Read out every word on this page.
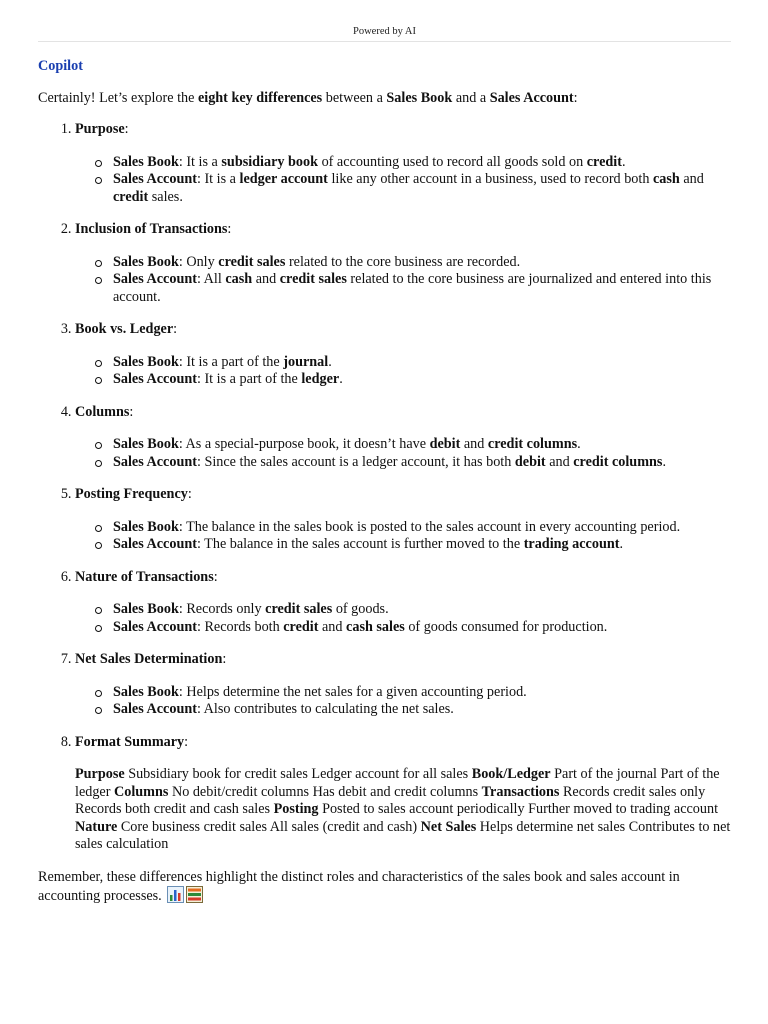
Powered by AI
Copilot

Certainly! Let’s explore the eight key differences between a Sales Book and a Sales Account:

1. Purpose:
Sales Book: It is a subsidiary book of accounting used to record all goods sold on credit.
Sales Account: It is a ledger account like any other account in a business, used to record both cash and credit sales.
2. Inclusion of Transactions:
Sales Book: Only credit sales related to the core business are recorded.
Sales Account: All cash and credit sales related to the core business are journalized and entered into this account.
3. Book vs. Ledger:
Sales Book: It is a part of the journal.
Sales Account: It is a part of the ledger.
4. Columns:
Sales Book: As a special-purpose book, it doesn’t have debit and credit columns.
Sales Account: Since the sales account is a ledger account, it has both debit and credit columns.
5. Posting Frequency:
Sales Book: The balance in the sales book is posted to the sales account in every accounting period.
Sales Account: The balance in the sales account is further moved to the trading account.
6. Nature of Transactions:
Sales Book: Records only credit sales of goods.
Sales Account: Records both credit and cash sales of goods consumed for production.
7. Net Sales Determination:
Sales Book: Helps determine the net sales for a given accounting period.
Sales Account: Also contributes to calculating the net sales.
8. Format Summary:

Purpose Subsidiary book for credit sales Ledger account for all sales Book/Ledger Part of the journal Part of the ledger Columns No debit/credit columns Has debit and credit columns Transactions Records credit sales only Records both credit and cash sales Posting Posted to sales account periodically Further moved to trading account Nature Core business credit sales All sales (credit and cash) Net Sales Helps determine net sales Contributes to net sales calculation

Remember, these differences highlight the distinct roles and characteristics of the sales book and sales account in accounting processes.
